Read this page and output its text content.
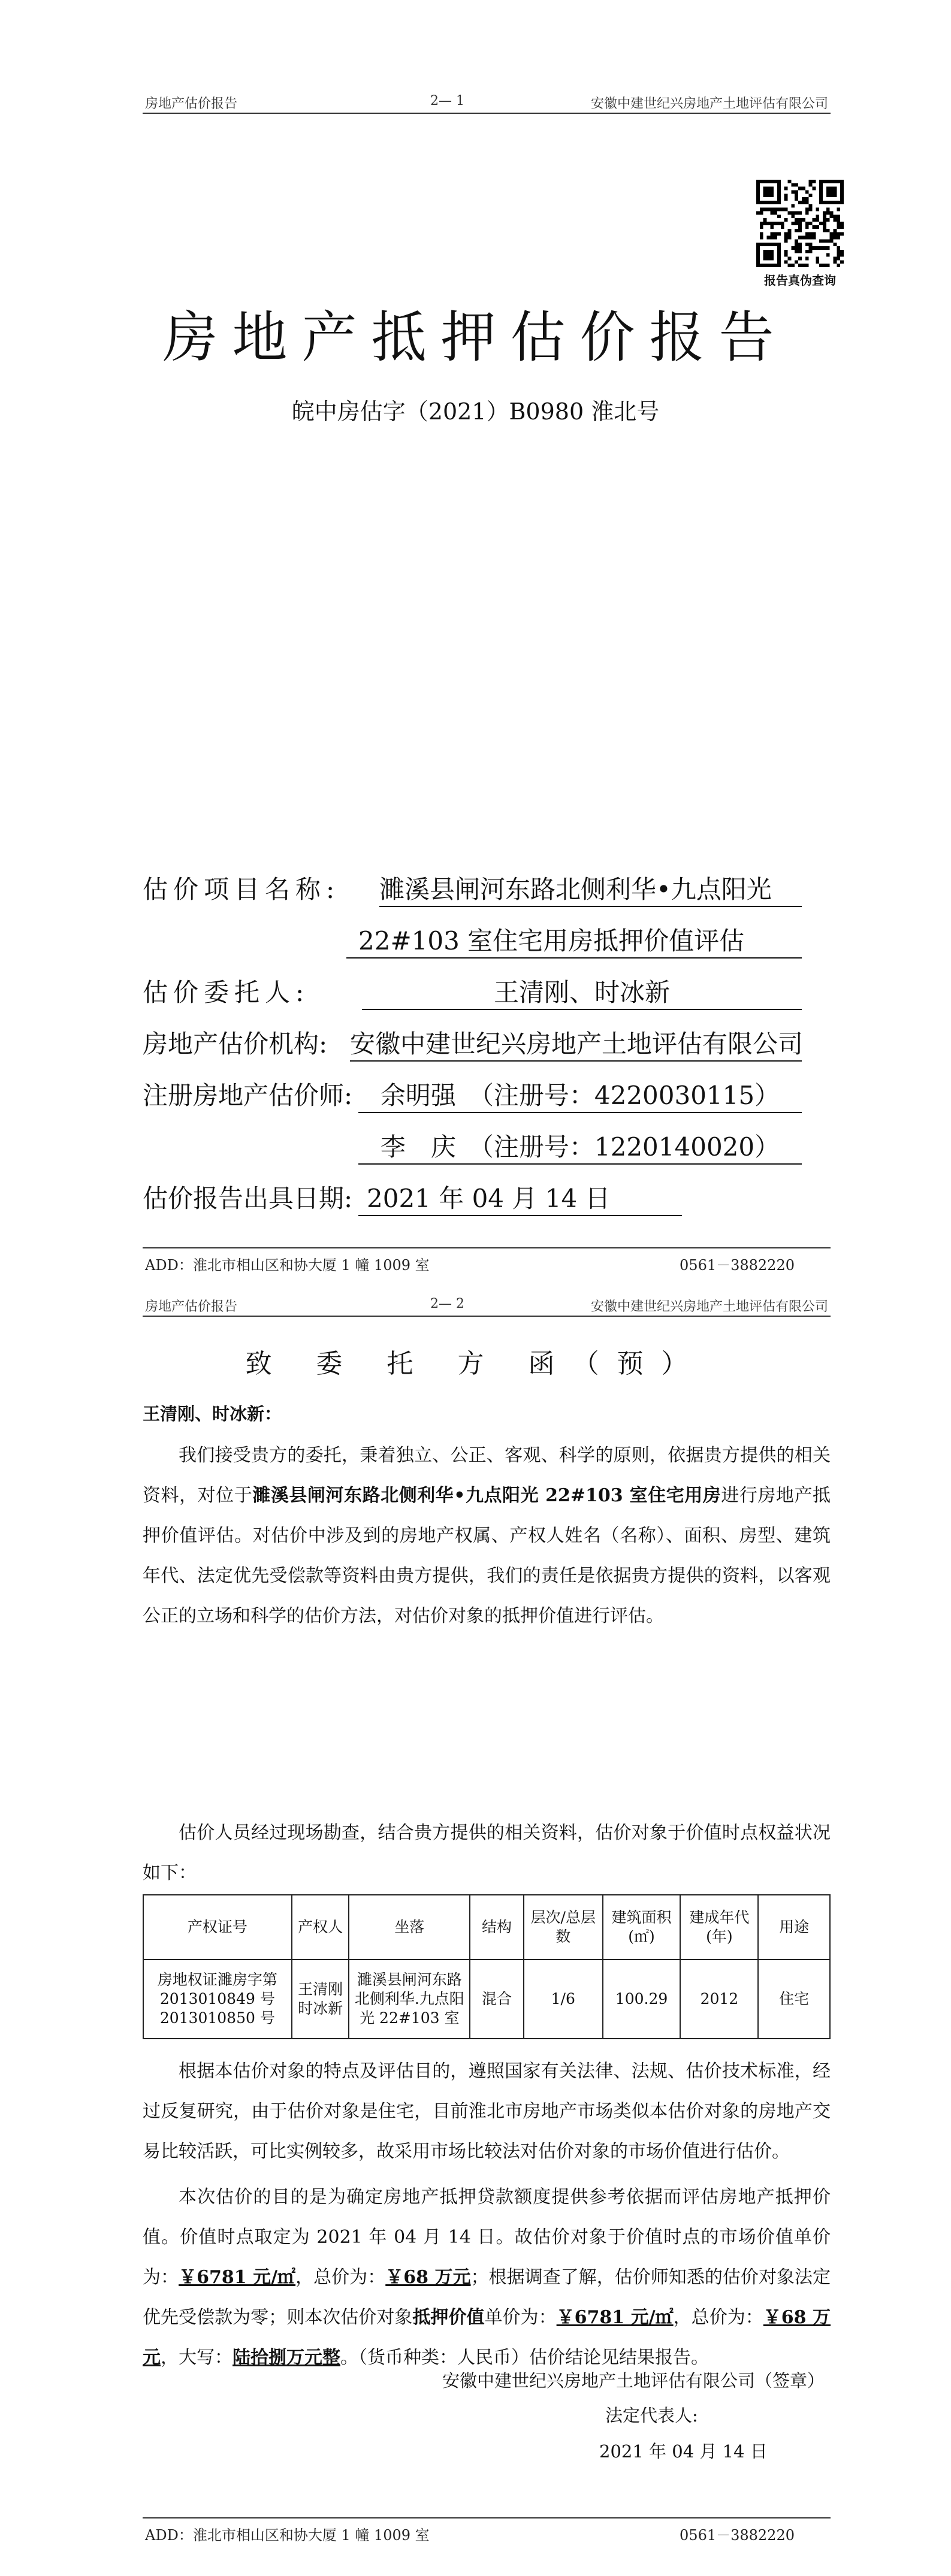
房地产估价报告	2— 1	安徽中建世纪兴房地产土地评估有限公司
报告真伪查询
房地产抵押估价报告
皖中房估字（2021）B0980 淮北号
估价项目名称: 濉溪县闸河东路北侧利华•九点阳光
22#103 室住宅用房抵押价值评估
估价委托人:	王清刚、时冰新
房地产估价机构: 安徽中建世纪兴房地产土地评估有限公司
注册房地产估价师:	余明强　（注册号：4220030115）
李　庆　（注册号：1220140020）
估价报告出具日期: 2021 年 04 月 14 日
ADD：淮北市相山区和协大厦 1 幢 1009 室	0561－3882220
房地产估价报告	2— 2	安徽中建世纪兴房地产土地评估有限公司
致 委 托 方 函（预）
王清刚、时冰新：

我们接受贵方的委托，秉着独立、公正、客观、科学的原则，依据贵方提供的相关资料，对位于濉溪县闸河东路北侧利华•九点阳光 22#103 室住宅用房进行房地产抵押价值评估。对估价中涉及到的房地产权属、产权人姓名（名称）、面积、房型、建筑年代、法定优先受偿款等资料由贵方提供，我们的责任是依据贵方提供的资料，以客观公正的立场和科学的估价方法，对估价对象的抵押价值进行评估。

估价人员经过现场勘查，结合贵方提供的相关资料，估价对象于价值时点权益状况如下：

产权证号	产权人	坐落	结构	层次/总层数	建筑面积(㎡)	建成年代(年)	用途
房地权证濉房字第 2013010849 号 2013010850 号	王清刚 时冰新	濉溪县闸河东路北侧利华.九点阳光 22#103 室	混合	1/6	100.29	2012	住宅

根据本估价对象的特点及评估目的，遵照国家有关法律、法规、估价技术标准，经过反复研究，由于估价对象是住宅，目前淮北市房地产市场类似本估价对象的房地产交易比较活跃，可比实例较多，故采用市场比较法对估价对象的市场价值进行估价。

本次估价的目的是为确定房地产抵押贷款额度提供参考依据而评估房地产抵押价值。价值时点取定为 2021 年 04 月 14 日。故估价对象于价值时点的市场价值单价为：￥6781 元/㎡，总价为：￥68 万元；根据调查了解，估价师知悉的估价对象法定优先受偿款为零；则本次估价对象抵押价值单价为：￥6781 元/㎡，总价为：￥68 万元，大写：陆拾捌万元整。（货币种类：人民币）估价结论见结果报告。

安徽中建世纪兴房地产土地评估有限公司（签章）
法定代表人:
2021 年 04 月 14 日
ADD：淮北市相山区和协大厦 1 幢 1009 室	0561－3882220
